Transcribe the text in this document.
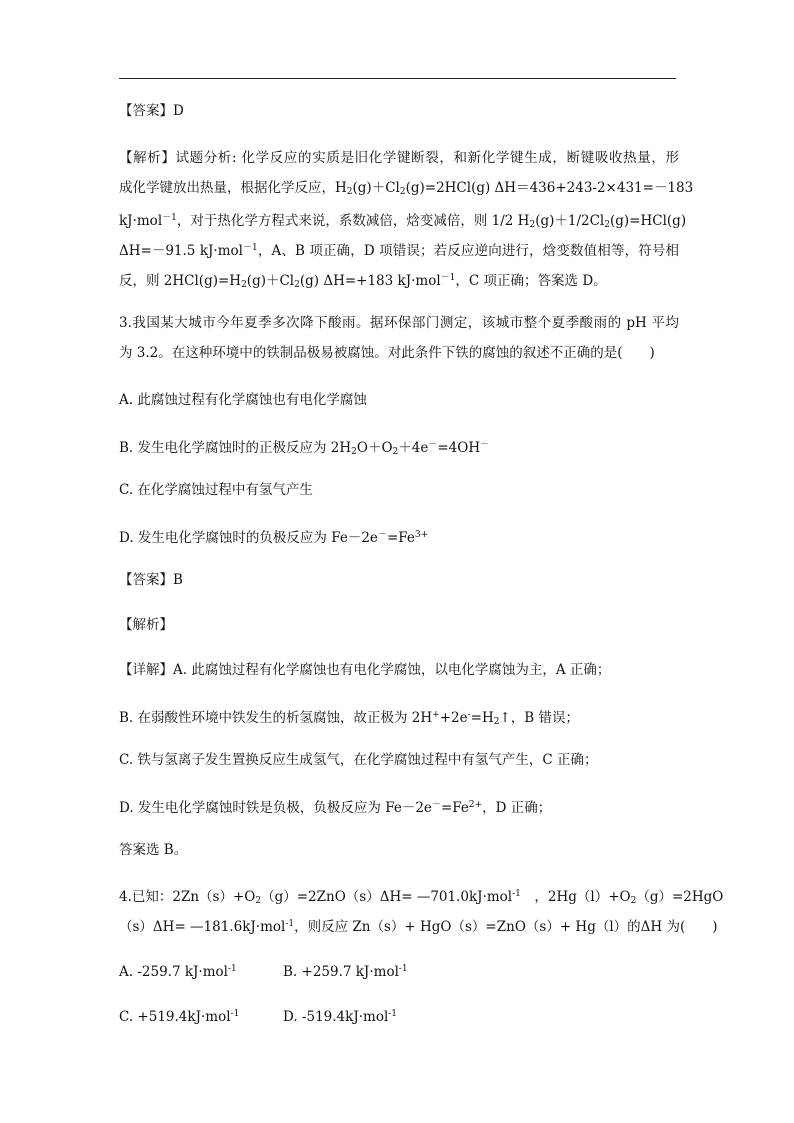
【答案】D
【解析】试题分析: 化学反应的实质是旧化学键断裂，和新化学键生成，断键吸收热量，形
成化学键放出热量，根据化学反应，$H_2(g)+Cl_2(g)=2HCl(g)$ ΔH＝436+243-2×431=－183
kJ·mol$^{-1}$，对于热化学方程式来说，系数减倍，焓变减倍，则 1/2 $H_2(g)+1/2Cl_2(g)=HCl(g)$
ΔH=－91.5 kJ·mol$^{-1}$，A、B 项正确，D 项错误；若反应逆向进行，焓变数值相等，符号相
反，则 $2HCl(g)=H_2(g)+Cl_2(g)$ ΔH=+183 kJ·mol$^{-1}$，C 项正确；答案选 D。
3.我国某大城市今年夏季多次降下酸雨。据环保部门测定，该城市整个夏季酸雨的 pH 平均
为 3.2。在这种环境中的铁制品极易被腐蚀。对此条件下铁的腐蚀的叙述不正确的是(　　)
A. 此腐蚀过程有化学腐蚀也有电化学腐蚀
B. 发生电化学腐蚀时的正极反应为 $2H_2O+O_2+4e^-=4OH^-$
C. 在化学腐蚀过程中有氢气产生
D. 发生电化学腐蚀时的负极反应为 $Fe-2e^-=Fe^{3+}$
【答案】B
【解析】
【详解】A. 此腐蚀过程有化学腐蚀也有电化学腐蚀，以电化学腐蚀为主，A 正确；
B. 在弱酸性环境中铁发生的析氢腐蚀，故正极为 $2H^++2e^-=H_2↑$，B 错误；
C. 铁与氢离子发生置换反应生成氢气，在化学腐蚀过程中有氢气产生，C 正确；
D. 发生电化学腐蚀时铁是负极，负极反应为 $Fe-2e^-=Fe^{2+}$，D 正确；
答案选 B。
4.已知：$2Zn(s)+O_2(g)=2ZnO(s)\Delta H=$ —701.0kJ·mol$^{-1}$　，$2Hg(l)+O_2(g)=2HgO$
（s）ΔH= —181.6kJ·mol$^{-1}$，则反应 Zn（s）+ HgO（s）=ZnO（s）+ Hg（l）的ΔH 为(　　)
A. -259.7 kJ·mol$^{-1}$	B. +259.7 kJ·mol$^{-1}$
C. +519.4kJ·mol$^{-1}$	D. -519.4kJ·mol$^{-1}$
